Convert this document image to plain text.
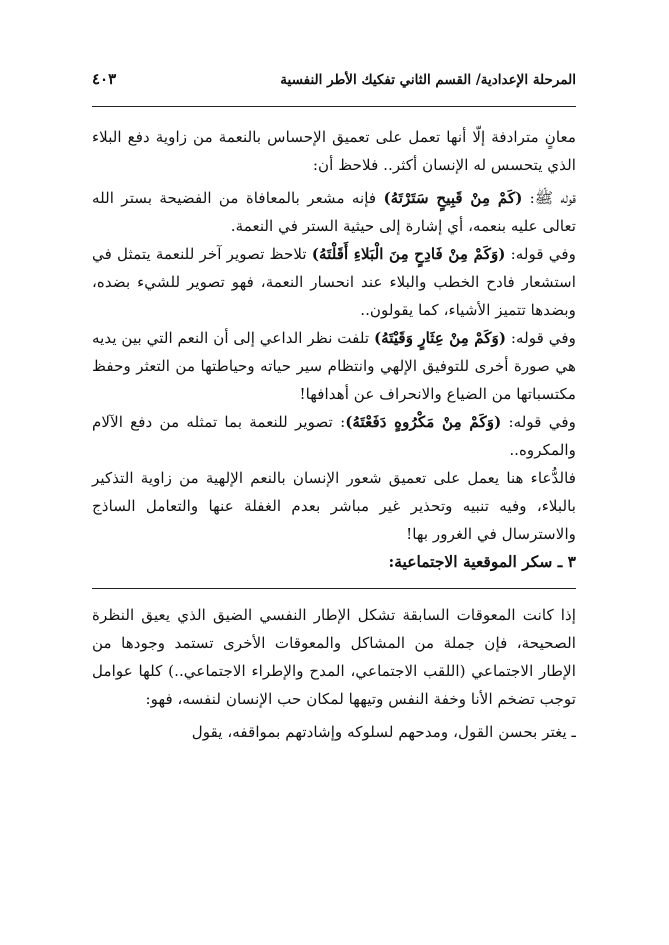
المرحلة الإعدادية/ القسم الثاني تفكيك الأطر النفسية
٤٠٣

معانٍ مترادفة إلّا أنها تعمل على تعميق الإحساس بالنعمة من زاوية دفع البلاء الذي يتحسس له الإنسان أكثر.. فلاحظ أن:

قوله ﷺ: (كَمْ مِنْ قَبِيحٍ سَتَرْتَهُ) فإنه مشعر بالمعافاة من الفضيحة بستر الله تعالى عليه بنعمه، أي إشارة إلى حيثية الستر في النعمة.

وفي قوله: (وَكَمْ مِنْ فَادِحٍ مِنَ الْبَلاءِ أَقَلْتَهُ) تلاحظ تصوير آخر للنعمة يتمثل في استشعار فادح الخطب والبلاء عند انحسار النعمة، فهو تصوير للشيء بضده، وبضدها تتميز الأشياء، كما يقولون..

وفي قوله: (وَكَمْ مِنْ عِثَارٍ وَقَيْتَهُ) تلفت نظر الداعي إلى أن النعم التي بين يديه هي صورة أخرى للتوفيق الإلهي وانتظام سير حياته وحياطتها من التعثر وحفظ مكتسباتها من الضياع والانحراف عن أهدافها!

وفي قوله: (وَكَمْ مِنْ مَكْرُوهٍ دَفَعْتَهُ): تصوير للنعمة بما تمثله من دفع الآلام والمكروه..

فالدُّعاء هنا يعمل على تعميق شعور الإنسان بالنعم الإلهية من زاوية التذكير بالبلاء، وفيه تنبيه وتحذير غير مباشر بعدم الغفلة عنها والتعامل الساذج والاسترسال في الغرور بها!

٣ ـ سكر الموقعية الاجتماعية:

إذا كانت المعوقات السابقة تشكل الإطار النفسي الضيق الذي يعيق النظرة الصحيحة، فإن جملة من المشاكل والمعوقات الأخرى تستمد وجودها من الإطار الاجتماعي (اللقب الاجتماعي، المدح والإطراء الاجتماعي..) كلها عوامل توجب تضخم الأنا وخفة النفس وتيهها لمكان حب الإنسان لنفسه، فهو:

ـ يغتر بحسن القول، ومدحهم لسلوكه وإشادتهم بمواقفه، يقول
